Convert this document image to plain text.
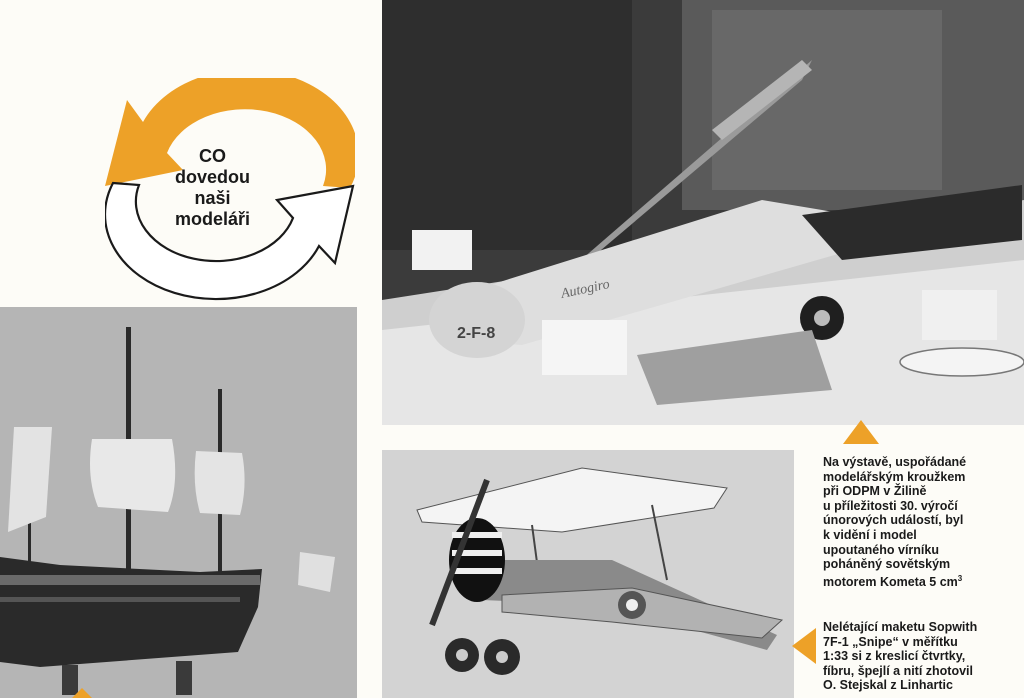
CO
dovedou
naši
modeláři
2-F-8
Autogiro
Na výstavě, uspořádané
modelářským kroužkem
při ODPM v Žilině
u příležitosti 30. výročí
únorových událostí, byl
k vidění i model
upoutaného vírníku
poháněný sovětským
motorem Kometa 5 $cm^3$
Nelétající maketu Sopwith
7F-1 „Snipe“ v měřítku
1:33 si z kreslicí čtvrtky,
fíbru, špejlí a nití zhotovil
O. Stejskal z Linhartic
